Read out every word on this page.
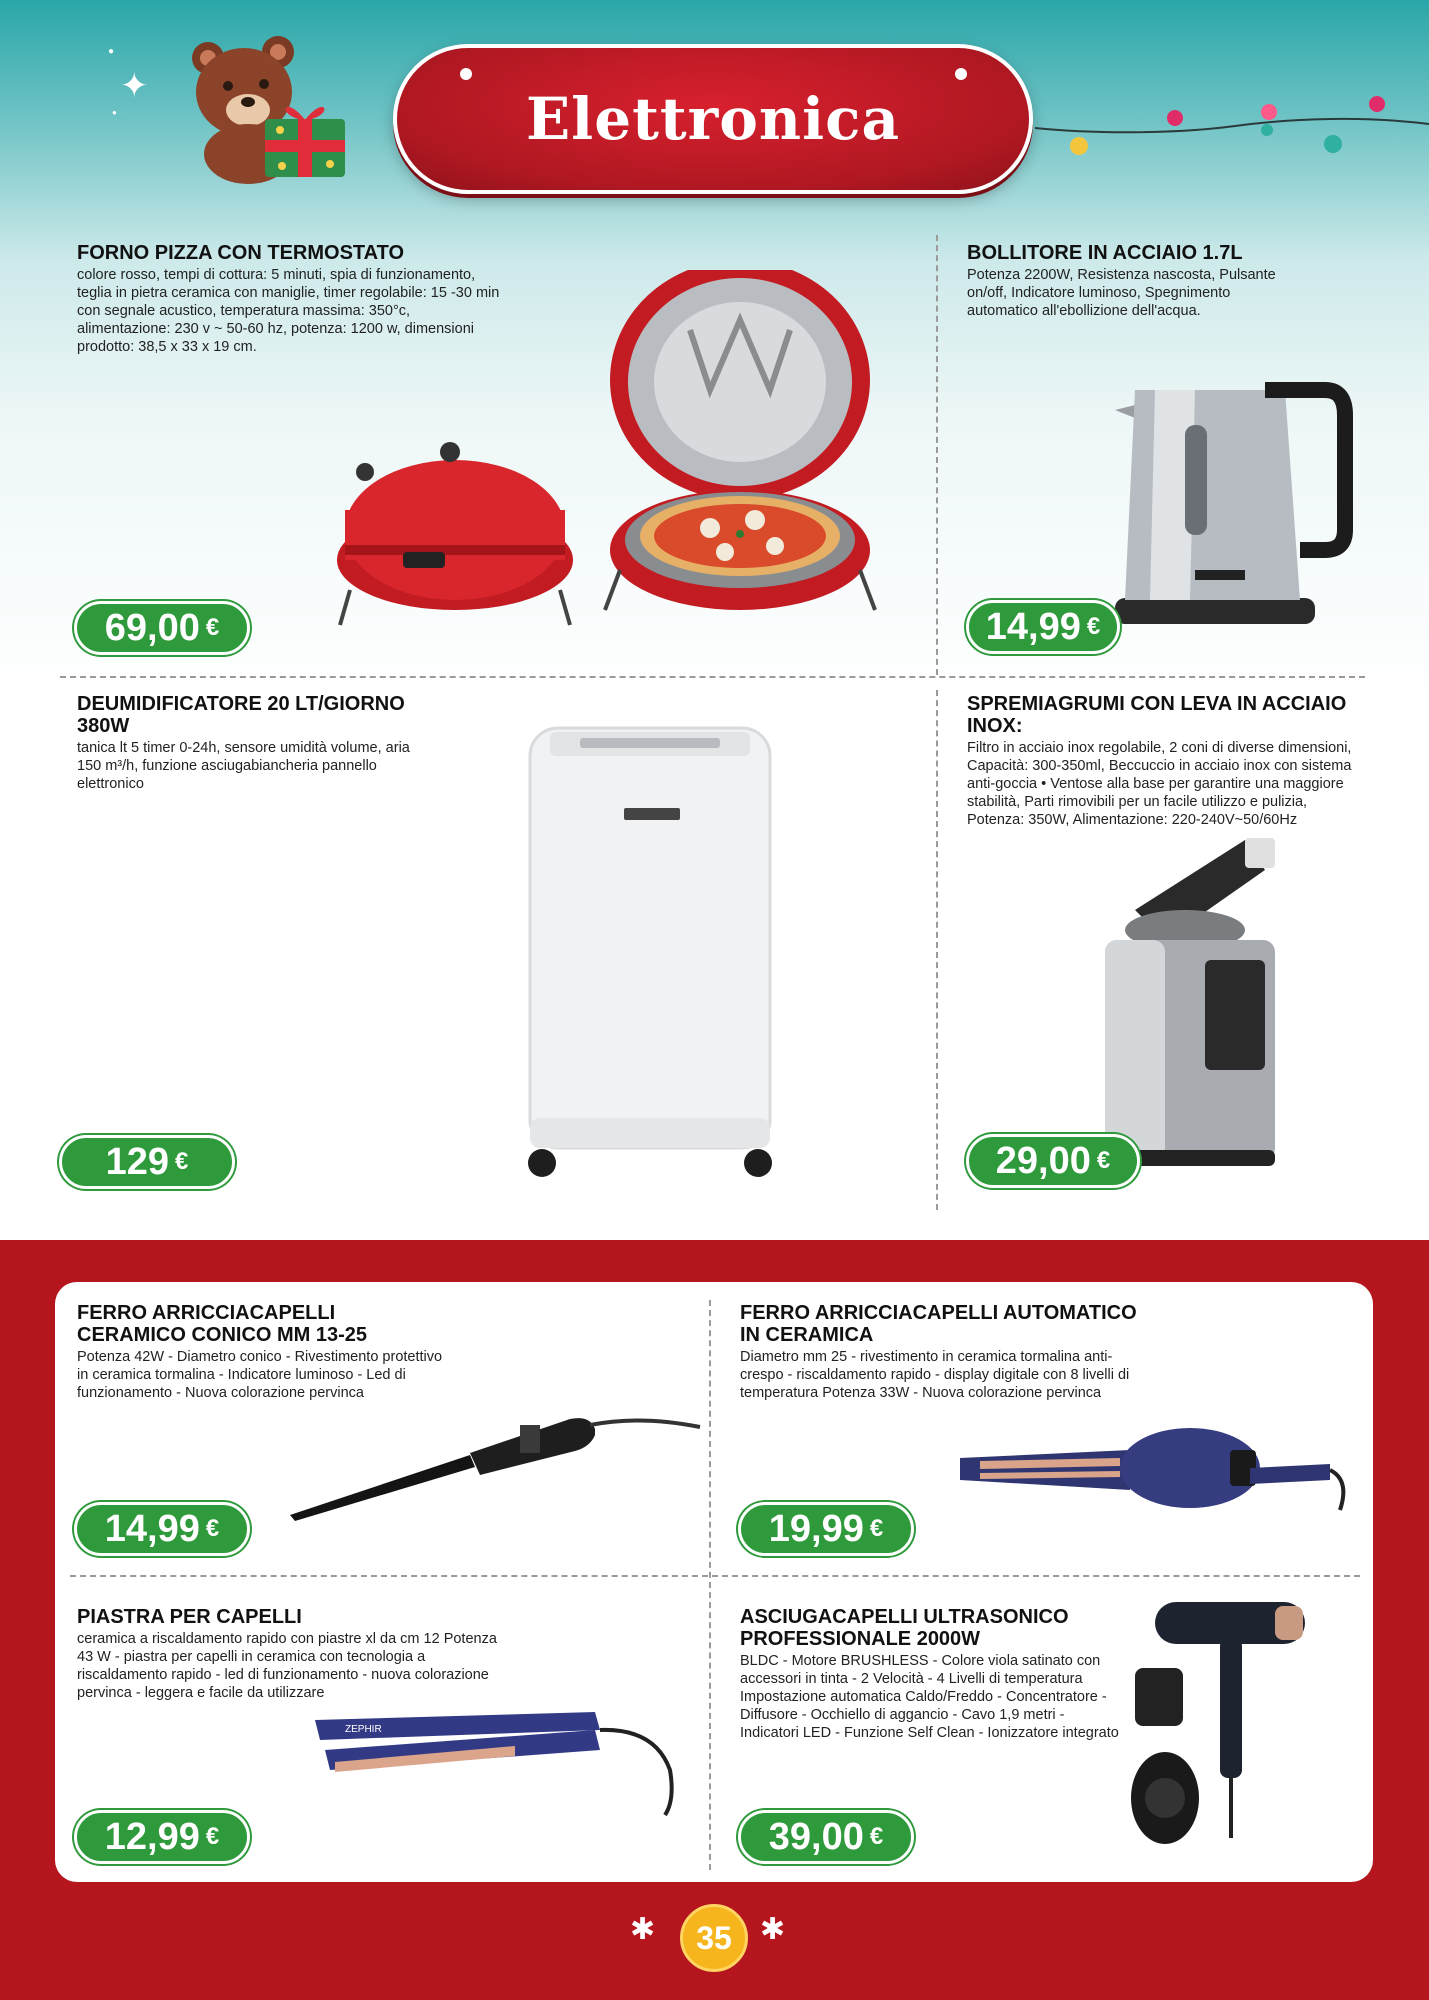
✦
●
●	Elettronica
FORNO PIZZA CON TERMOSTATO
colore rosso, tempi di cottura: 5 minuti, spia di funzionamento, teglia in pietra ceramica con maniglie, timer regolabile: 15 -30 min con segnale acustico, temperatura massima: 350°c, alimentazione: 230 v ~ 50-60 hz, potenza: 1200 w, dimensioni prodotto: 38,5 x 33 x 19 cm.
69,00 €
BOLLITORE IN ACCIAIO 1.7L
Potenza 2200W, Resistenza nascosta, Pulsante on/off, Indicatore luminoso, Spegnimento automatico all'ebollizione dell'acqua.
14,99 €
DEUMIDIFICATORE 20 LT/GIORNO 380W
tanica lt 5 timer 0-24h, sensore umidità volume, aria 150 m³/h, funzione asciugabiancheria pannello elettronico
129 €
SPREMIAGRUMI CON LEVA IN ACCIAIO INOX:
Filtro in acciaio inox regolabile, 2 coni di diverse dimensioni, Capacità: 300-350ml, Beccuccio in acciaio inox con sistema anti-goccia • Ventose alla base per garantire una maggiore stabilità, Parti rimovibili per un facile utilizzo e pulizia, Potenza: 350W, Alimentazione: 220-240V~50/60Hz
29,00 €
FERRO ARRICCIACAPELLI CERAMICO CONICO MM 13-25
Potenza 42W - Diametro conico - Rivestimento protettivo in ceramica tormalina - Indicatore luminoso - Led di funzionamento - Nuova colorazione pervinca
14,99 €
FERRO ARRICCIACAPELLI AUTOMATICO IN CERAMICA
Diametro mm 25 - rivestimento in ceramica tormalina anti-crespo - riscaldamento rapido - display digitale con 8 livelli di temperatura Potenza 33W - Nuova colorazione pervinca
19,99 €
PIASTRA PER CAPELLI
ceramica a riscaldamento rapido con piastre xl da cm 12 Potenza 43 W - piastra per capelli in ceramica con tecnologia a riscaldamento rapido - led di funzionamento - nuova colorazione pervinca - leggera e facile da utilizzare
ZEPHIR
12,99 €
ASCIUGACAPELLI ULTRASONICO PROFESSIONALE 2000W
BLDC - Motore BRUSHLESS - Colore viola satinato con accessori in tinta - 2 Velocità - 4 Livelli di temperatura Impostazione automatica Caldo/Freddo - Concentratore - Diffusore - Occhiello di aggancio - Cavo 1,9 metri - Indicatori LED - Funzione Self Clean - Ionizzatore integrato
39,00 €
✱	✱
35
